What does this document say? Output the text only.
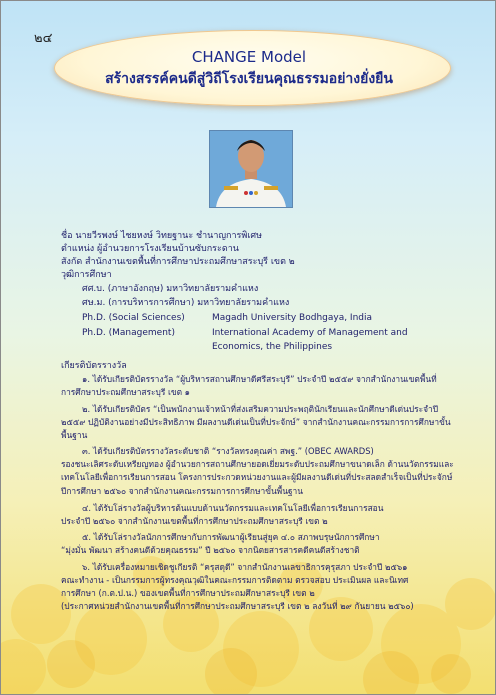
๒๔
CHANGE Model
สร้างสรรค์คนดีสู่วิถีโรงเรียนคุณธรรมอย่างยั่งยืน
ชื่อ นายวีรพงษ์ ไชยหงษ์ วิทยฐานะ ชำนาญการพิเศษ
ตำแหน่ง ผู้อำนวยการโรงเรียนบ้านซับกระดาน
สังกัด สำนักงานเขตพื้นที่การศึกษาประถมศึกษาสระบุรี เขต ๒
วุฒิการศึกษา
ศศ.บ. (ภาษาอังกฤษ) มหาวิทยาลัยรามคำแหง
ศษ.ม. (การบริหารการศึกษา) มหาวิทยาลัยรามคำแหง
Ph.D. (Social Sciences)	Magadh University Bodhgaya, India
Ph.D. (Management)	International Academy of Management and
Economics, the Philippines
เกียรติบัตรรางวัล
๑. ได้รับเกียรติบัตรรางวัล “ผู้บริหารสถานศึกษาดีศรีสระบุรี” ประจำปี ๒๕๕๙ จากสำนักงานเขตพื้นที่
การศึกษาประถมศึกษาสระบุรี เขต ๑
๒. ได้รับเกียรติบัตร “เป็นพนักงานเจ้าหน้าที่ส่งเสริมความประพฤตินักเรียนและนักศึกษาดีเด่นประจำปี
๒๕๕๙ ปฏิบัติงานอย่างมีประสิทธิภาพ มีผลงานดีเด่นเป็นที่ประจักษ์” จากสำนักงานคณะกรรมการการศึกษาขั้น
พื้นฐาน
๓. ได้รับเกียรติบัตรรางวัลระดับชาติ “รางวัลทรงคุณค่า สพฐ.” (OBEC AWARDS)
รองชนะเลิศระดับเหรียญทอง ผู้อำนวยการสถานศึกษายอดเยี่ยมระดับประถมศึกษาขนาดเล็ก ด้านนวัตกรรมและ
เทคโนโลยีเพื่อการเรียนการสอน โครงการประกวดหน่วยงานและผู้มีผลงานดีเด่นที่ประสลดสำเร็จเป็นที่ประจักษ์
ปีการศึกษา ๒๕๖๐ จากสำนักงานคณะกรรมการการศึกษาขั้นพื้นฐาน
๔. ได้รับโล่รางวัลผู้บริหารต้นแบบด้านนวัตกรรมและเทคโนโลยีเพื่อการเรียนการสอน
ประจำปี ๒๕๖๐ จากสำนักงานเขตพื้นที่การศึกษาประถมศึกษาสระบุรี เขต ๒
๕. ได้รับโล่รางวัลนักการศึกษากับการพัฒนาผู้เรียนสู่ยุค ๔.๐ สภาพบรุษนักการศึกษา
“มุ่งมั่น พัฒนา สร้างคนดีด้วยคุณธรรม” ปี ๒๕๖๐ จากนิตยสารสารคดีคนดีสร้างชาติ
๖. ได้รับเครื่องหมายเชิดชูเกียรติ “ครุสดุดี” จากสำนักงานเลขาธิการคุรุสภา ประจำปี ๒๕๖๑
คณะทำงาน - เป็นกรรมการผู้ทรงคุณวุฒิในคณะกรรมการติดตาม ตรวจสอบ ประเมินผล และนิเทศ
การศึกษา (ก.ต.ป.น.) ของเขตพื้นที่การศึกษาประถมศึกษาสระบุรี เขต ๒
(ประกาศหน่วยสำนักงานเขตพื้นที่การศึกษาประถมศึกษาสระบุรี เขต ๒ ลงวันที่ ๒๙ กันยายน ๒๕๖๐)
